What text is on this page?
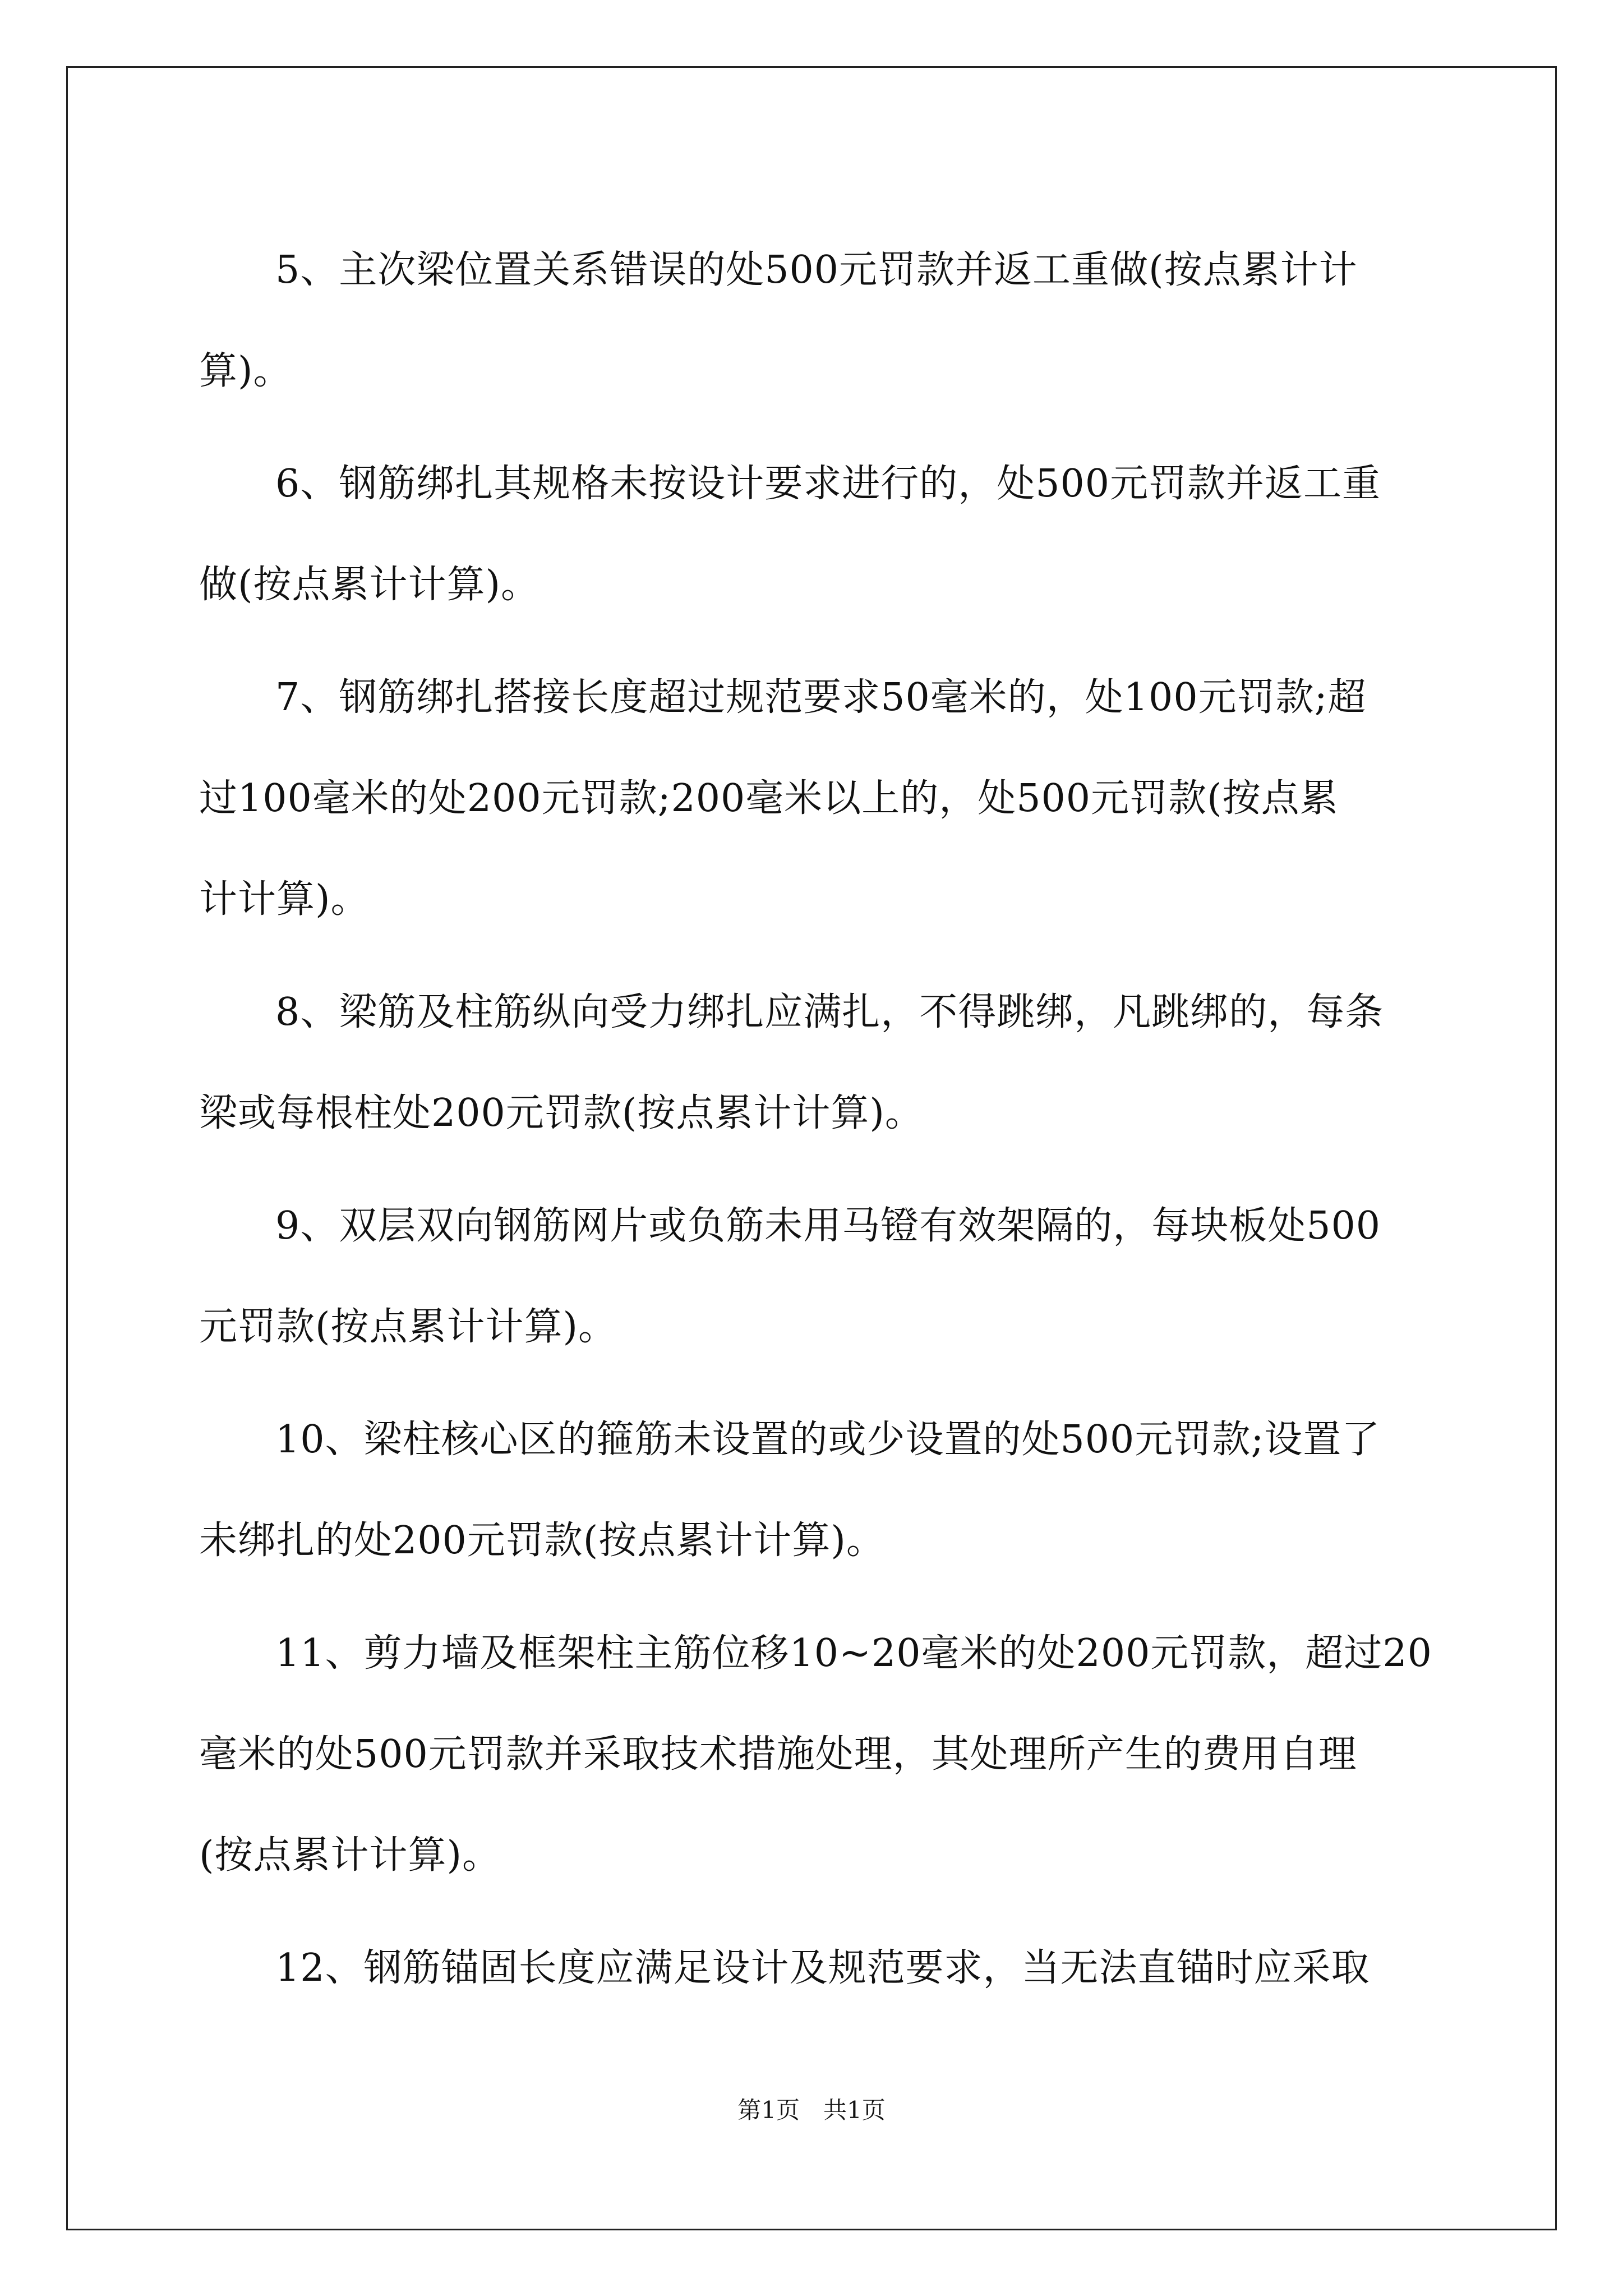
5、主次梁位置关系错误的处500元罚款并返工重做(按点累计计
算)。

6、钢筋绑扎其规格未按设计要求进行的，处500元罚款并返工重
做(按点累计计算)。

7、钢筋绑扎搭接长度超过规范要求50毫米的，处100元罚款;超
过100毫米的处200元罚款;200毫米以上的，处500元罚款(按点累
计计算)。

8、梁筋及柱筋纵向受力绑扎应满扎，不得跳绑，凡跳绑的，每条
梁或每根柱处200元罚款(按点累计计算)。

9、双层双向钢筋网片或负筋未用马镫有效架隔的，每块板处500
元罚款(按点累计计算)。

10、梁柱核心区的箍筋未设置的或少设置的处500元罚款;设置了
未绑扎的处200元罚款(按点累计计算)。

11、剪力墙及框架柱主筋位移10~20毫米的处200元罚款，超过20
毫米的处500元罚款并采取技术措施处理，其处理所产生的费用自理
(按点累计计算)。

12、钢筋锚固长度应满足设计及规范要求，当无法直锚时应采取

第1页　共1页
